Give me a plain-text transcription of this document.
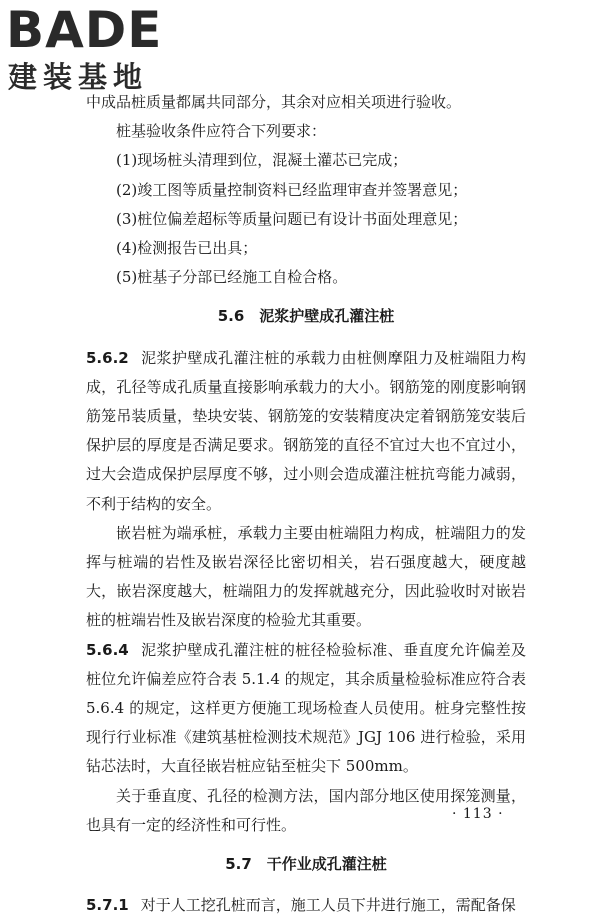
BADE
建装基地

中成品桩质量都属共同部分，其余对应相关项进行验收。

桩基验收条件应符合下列要求：

(1)现场桩头清理到位，混凝土灌芯已完成；

(2)竣工图等质量控制资料已经监理审查并签署意见；

(3)桩位偏差超标等质量问题已有设计书面处理意见；

(4)检测报告已出具；

(5)桩基子分部已经施工自检合格。

5.6　泥浆护壁成孔灌注桩

5.6.2 泥浆护壁成孔灌注桩的承载力由桩侧摩阻力及桩端阻力构成，孔径等成孔质量直接影响承载力的大小。钢筋笼的刚度影响钢筋笼吊装质量，垫块安装、钢筋笼的安装精度决定着钢筋笼安装后保护层的厚度是否满足要求。钢筋笼的直径不宜过大也不宜过小，过大会造成保护层厚度不够，过小则会造成灌注桩抗弯能力减弱，不利于结构的安全。

嵌岩桩为端承桩，承载力主要由桩端阻力构成，桩端阻力的发挥与桩端的岩性及嵌岩深径比密切相关，岩石强度越大，硬度越大，嵌岩深度越大，桩端阻力的发挥就越充分，因此验收时对嵌岩桩的桩端岩性及嵌岩深度的检验尤其重要。

5.6.4 泥浆护壁成孔灌注桩的桩径检验标准、垂直度允许偏差及桩位允许偏差应符合表 5.1.4 的规定，其余质量检验标准应符合表 5.6.4 的规定，这样更方便施工现场检查人员使用。桩身完整性按现行行业标准《建筑基桩检测技术规范》JGJ 106 进行检验，采用钻芯法时，大直径嵌岩桩应钻至桩尖下 500mm。

关于垂直度、孔径的检测方法，国内部分地区使用探笼测量，也具有一定的经济性和可行性。

5.7　干作业成孔灌注桩

5.7.1 对于人工挖孔桩而言，施工人员下井进行施工，需配备保

· 113 ·
